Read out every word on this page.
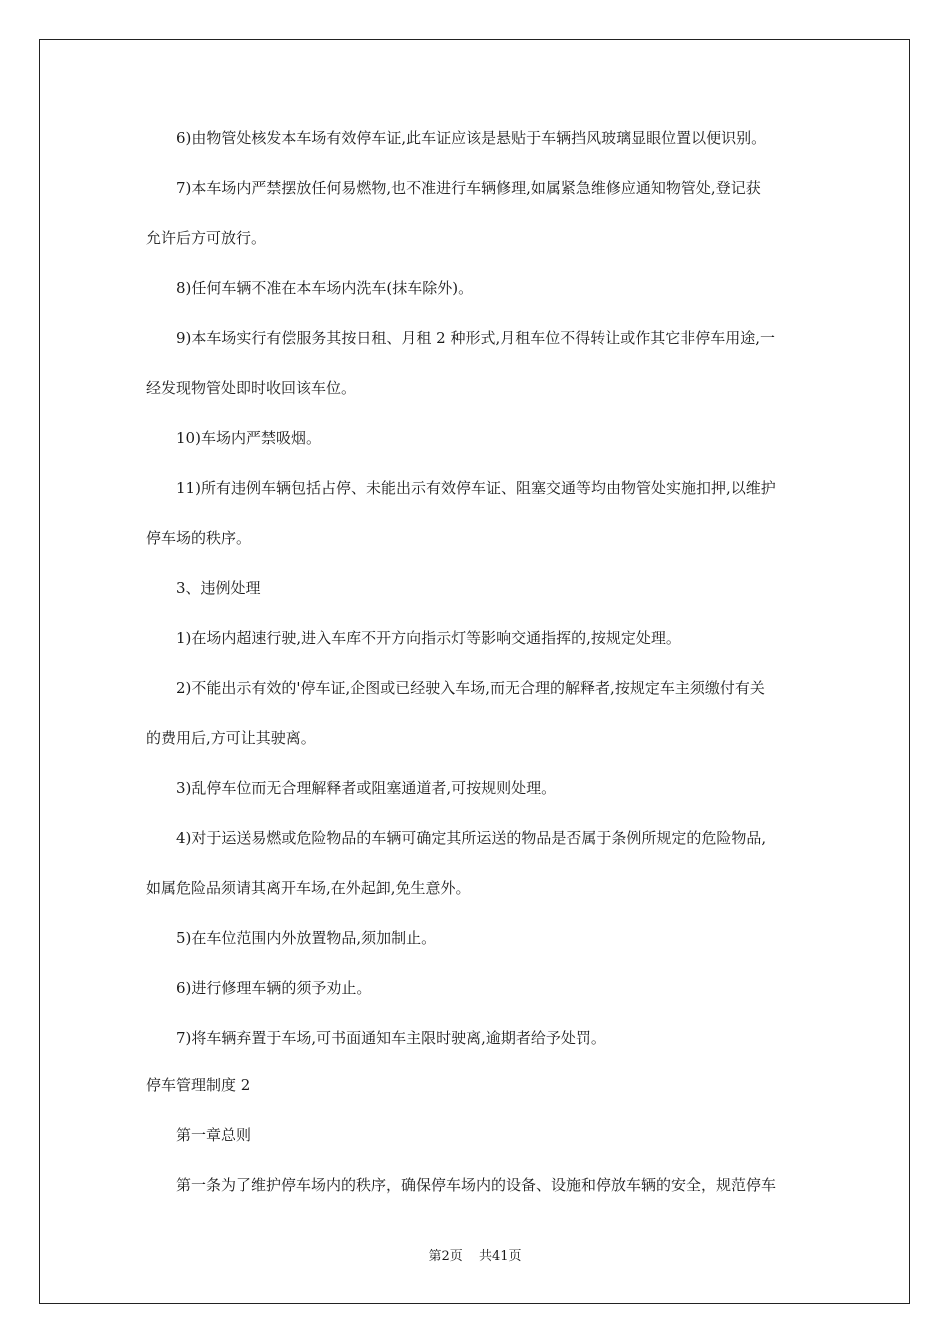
6)由物管处核发本车场有效停车证,此车证应该是悬贴于车辆挡风玻璃显眼位置以便识别。
7)本车场内严禁摆放任何易燃物,也不准进行车辆修理,如属紧急维修应通知物管处,登记获
允许后方可放行。
8)任何车辆不准在本车场内洗车(抹车除外)。
9)本车场实行有偿服务其按日租、月租 2 种形式,月租车位不得转让或作其它非停车用途,一
经发现物管处即时收回该车位。
10)车场内严禁吸烟。
11)所有违例车辆包括占停、未能出示有效停车证、阻塞交通等均由物管处实施扣押,以维护
停车场的秩序。
3、违例处理
1)在场内超速行驶,进入车库不开方向指示灯等影响交通指挥的,按规定处理。
2)不能出示有效的'停车证,企图或已经驶入车场,而无合理的解释者,按规定车主须缴付有关
的费用后,方可让其驶离。
3)乱停车位而无合理解释者或阻塞通道者,可按规则处理。
4)对于运送易燃或危险物品的车辆可确定其所运送的物品是否属于条例所规定的危险物品,
如属危险品须请其离开车场,在外起卸,免生意外。
5)在车位范围内外放置物品,须加制止。
6)进行修理车辆的须予劝止。
7)将车辆弃置于车场,可书面通知车主限时驶离,逾期者给予处罚。
停车管理制度 2
第一章总则
第一条为了维护停车场内的秩序，确保停车场内的设备、设施和停放车辆的安全，规范停车
第2页 共41页
